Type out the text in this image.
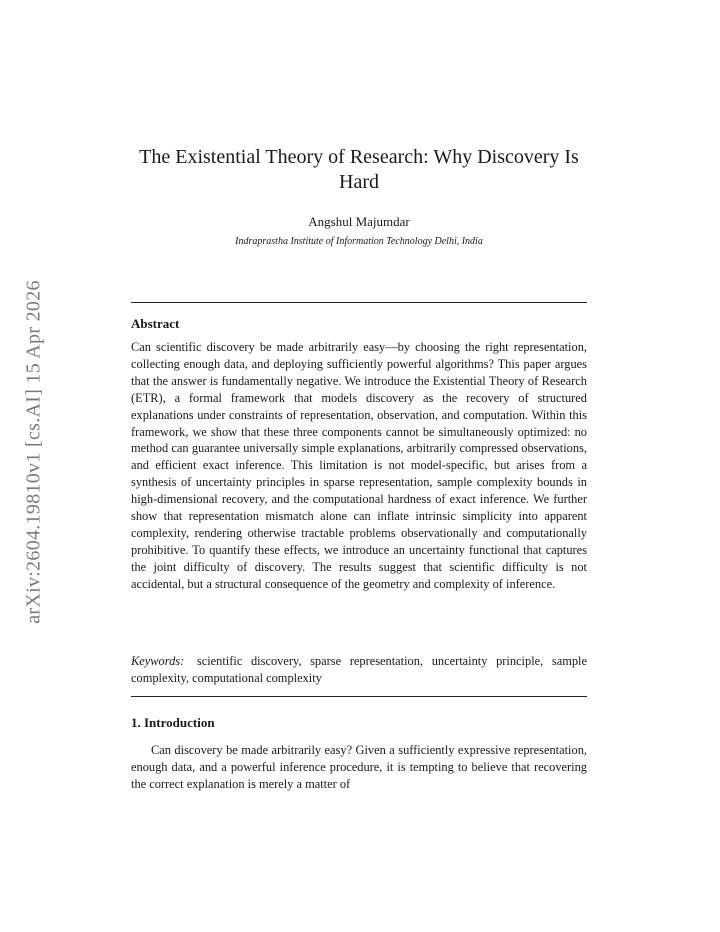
arXiv:2604.19810v1 [cs.AI] 15 Apr 2026
The Existential Theory of Research: Why Discovery Is Hard
Angshul Majumdar
Indraprastha Institute of Information Technology Delhi, India
Abstract
Can scientific discovery be made arbitrarily easy—by choosing the right representation, collecting enough data, and deploying sufficiently powerful algorithms? This paper argues that the answer is fundamentally negative. We introduce the Existential Theory of Research (ETR), a formal framework that models discovery as the recovery of structured explanations under constraints of representation, observation, and computation. Within this framework, we show that these three components cannot be simultaneously optimized: no method can guarantee universally simple explanations, arbitrarily compressed observations, and efficient exact inference. This limitation is not model-specific, but arises from a synthesis of uncertainty principles in sparse representation, sample complexity bounds in high-dimensional recovery, and the computational hardness of exact inference. We further show that representation mismatch alone can inflate intrinsic simplicity into apparent complexity, rendering otherwise tractable problems observationally and computationally prohibitive. To quantify these effects, we introduce an uncertainty functional that captures the joint difficulty of discovery. The results suggest that scientific difficulty is not accidental, but a structural consequence of the geometry and complexity of inference.
Keywords: scientific discovery, sparse representation, uncertainty principle, sample complexity, computational complexity
1. Introduction
Can discovery be made arbitrarily easy? Given a sufficiently expressive representation, enough data, and a powerful inference procedure, it is tempting to believe that recovering the correct explanation is merely a matter of
